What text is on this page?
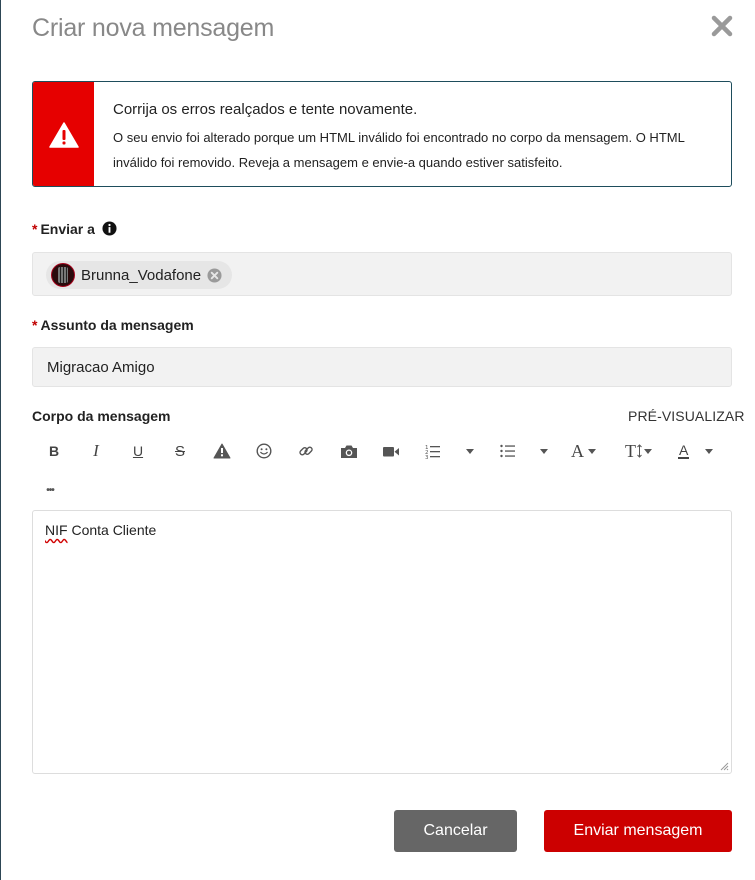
Criar nova mensagem
Corrija os erros realçados e tente novamente.
O seu envio foi alterado porque um HTML inválido foi encontrado no corpo da mensagem. O HTML inválido foi removido. Reveja a mensagem e envie-a quando estiver satisfeito.
* Enviar a
Brunna_Vodafone
* Assunto da mensagem
Migracao Amigo
Corpo da mensagem	PRÉ-VISUALIZAR
B	I	U	S	1
2
3	A T	A
•••
NIF Conta Cliente
Cancelar	Enviar mensagem
